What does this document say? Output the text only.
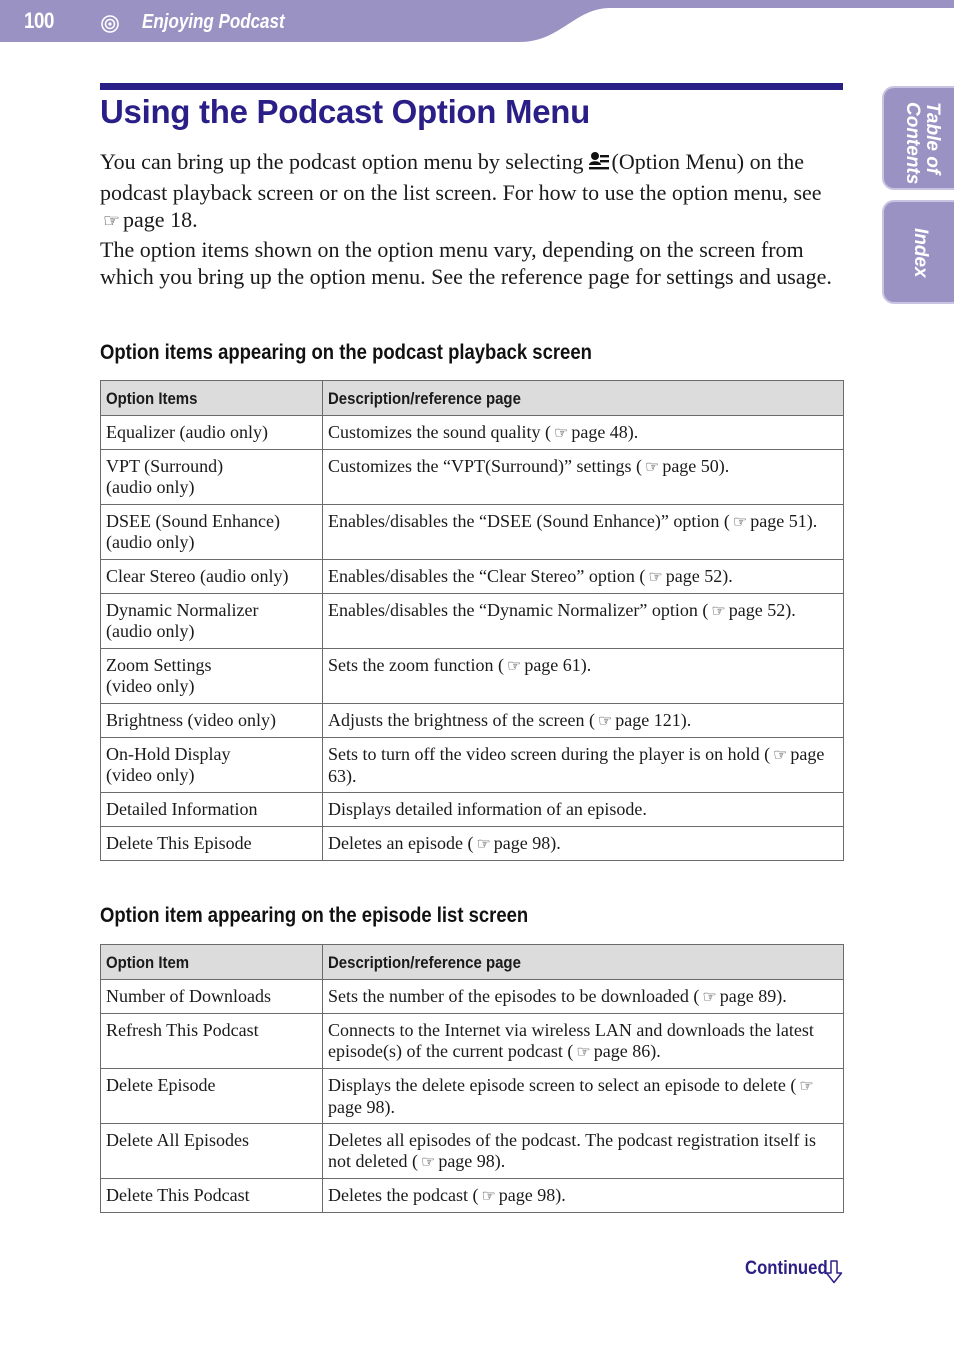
100	Enjoying Podcast
Table of
Contents
Index
Using the Podcast Option Menu

You can bring up the podcast option menu by selecting (Option Menu) on the podcast playback screen or on the list screen. For how to use the option menu, see☞ page 18.

The option items shown on the option menu vary, depending on the screen from which you bring up the option menu. See the reference page for settings and usage.

Option items appearing on the podcast playback screen
Option Items	Description/reference page
Equalizer (audio only)	Customizes the sound quality ( ☞ page 48).
VPT (Surround)
(audio only)	Customizes the “VPT(Surround)” settings ( ☞ page 50).
DSEE (Sound Enhance)
(audio only)	Enables/disables the “DSEE (Sound Enhance)” option ( ☞ page 51).
Clear Stereo (audio only)	Enables/disables the “Clear Stereo” option ( ☞ page 52).
Dynamic Normalizer
(audio only)	Enables/disables the “Dynamic Normalizer” option ( ☞ page 52).
Zoom Settings
(video only)	Sets the zoom function ( ☞ page 61).
Brightness (video only)	Adjusts the brightness of the screen ( ☞ page 121).
On-Hold Display
(video only)	Sets to turn off the video screen during the player is on hold ( ☞ page 63).
Detailed Information	Displays detailed information of an episode.
Delete This Episode	Deletes an episode ( ☞ page 98).
Option item appearing on the episode list screen
Option Item	Description/reference page
Number of Downloads	Sets the number of the episodes to be downloaded ( ☞ page 89).
Refresh This Podcast	Connects to the Internet via wireless LAN and downloads the latest episode(s) of the current podcast ( ☞ page 86).
Delete Episode	Displays the delete episode screen to select an episode to delete ( ☞page 98).
Delete All Episodes	Deletes all episodes of the podcast. The podcast registration itself is not deleted ( ☞ page 98).
Delete This Podcast	Deletes the podcast ( ☞ page 98).
Continued
